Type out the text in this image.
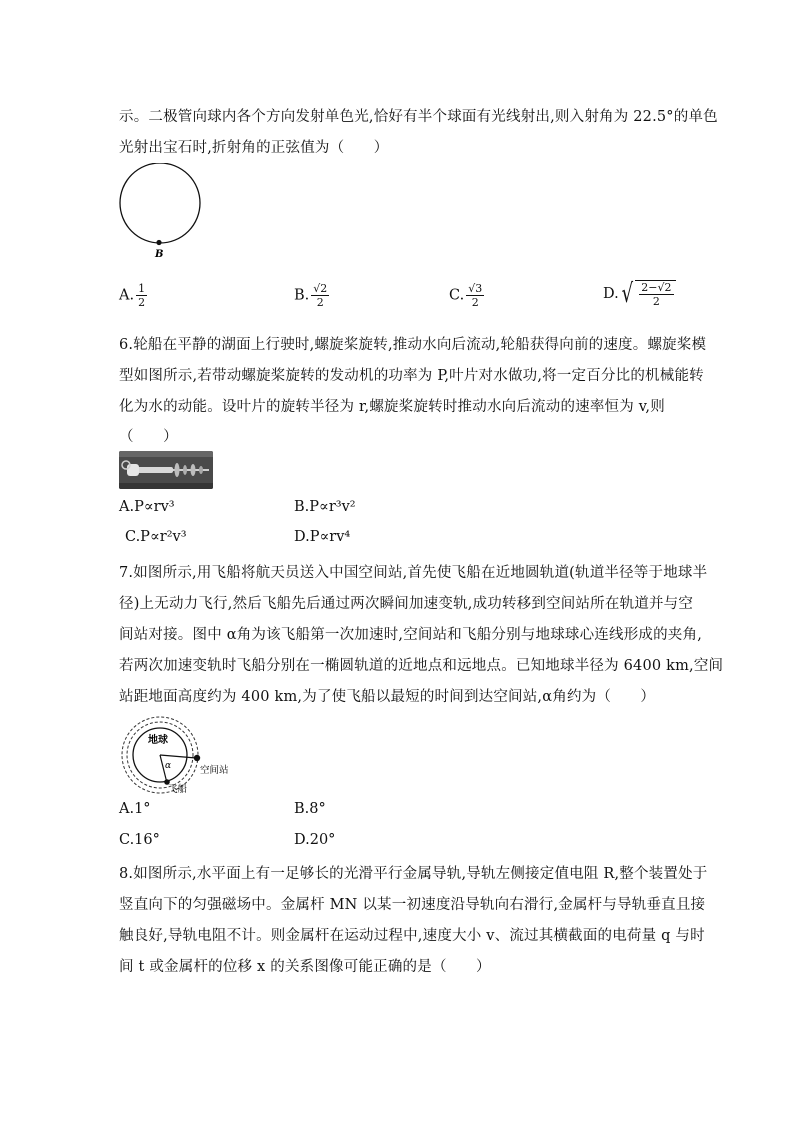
示。二极管向球内各个方向发射单色光,恰好有半个球面有光线射出,则入射角为 22.5°的单色
光射出宝石时,折射角的正弦值为（　　）
B
A. $\frac{1}{2}$	B. $\frac{√2}{2}$	C. $\frac{√3}{2}$	D. √ $\frac{2-√2}{2}$
6.轮船在平静的湖面上行驶时,螺旋桨旋转,推动水向后流动,轮船获得向前的速度。螺旋桨模
型如图所示,若带动螺旋桨旋转的发动机的功率为 P,叶片对水做功,将一定百分比的机械能转
化为水的动能。设叶片的旋转半径为 r,螺旋桨旋转时推动水向后流动的速率恒为 v,则
（　　）
A.P∝rv³	B.P∝r³v²
C.P∝r²v³	D.P∝rv⁴
7.如图所示,用飞船将航天员送入中国空间站,首先使飞船在近地圆轨道(轨道半径等于地球半
径)上无动力飞行,然后飞船先后通过两次瞬间加速变轨,成功转移到空间站所在轨道并与空
间站对接。图中 α角为该飞船第一次加速时,空间站和飞船分别与地球球心连线形成的夹角,
若两次加速变轨时飞船分别在一椭圆轨道的近地点和远地点。已知地球半径为 6400 km,空间
站距地面高度约为 400 km,为了使飞船以最短的时间到达空间站,α角约为（　　）
地球
α	空间站
飞船
A.1°	B.8°
C.16°	D.20°
8.如图所示,水平面上有一足够长的光滑平行金属导轨,导轨左侧接定值电阻 R,整个装置处于
竖直向下的匀强磁场中。金属杆 MN 以某一初速度沿导轨向右滑行,金属杆与导轨垂直且接
触良好,导轨电阻不计。则金属杆在运动过程中,速度大小 v、流过其横截面的电荷量 q 与时
间 t 或金属杆的位移 x 的关系图像可能正确的是（　　）
